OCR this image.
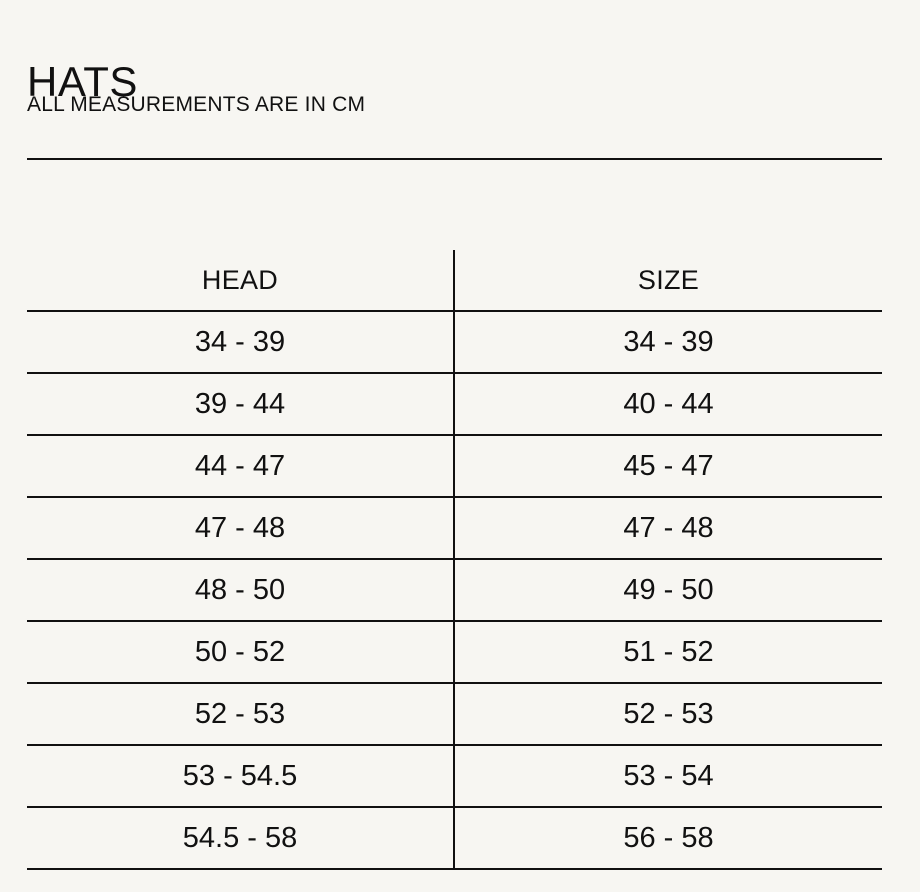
HATS
ALL MEASUREMENTS ARE IN CM
HEAD	SIZE
34 - 39	34 - 39
39 - 44	40 - 44
44 - 47	45 - 47
47 - 48	47 - 48
48 - 50	49 - 50
50 - 52	51 - 52
52 - 53	52 - 53
53 - 54.5	53 - 54
54.5 - 58	56 - 58
